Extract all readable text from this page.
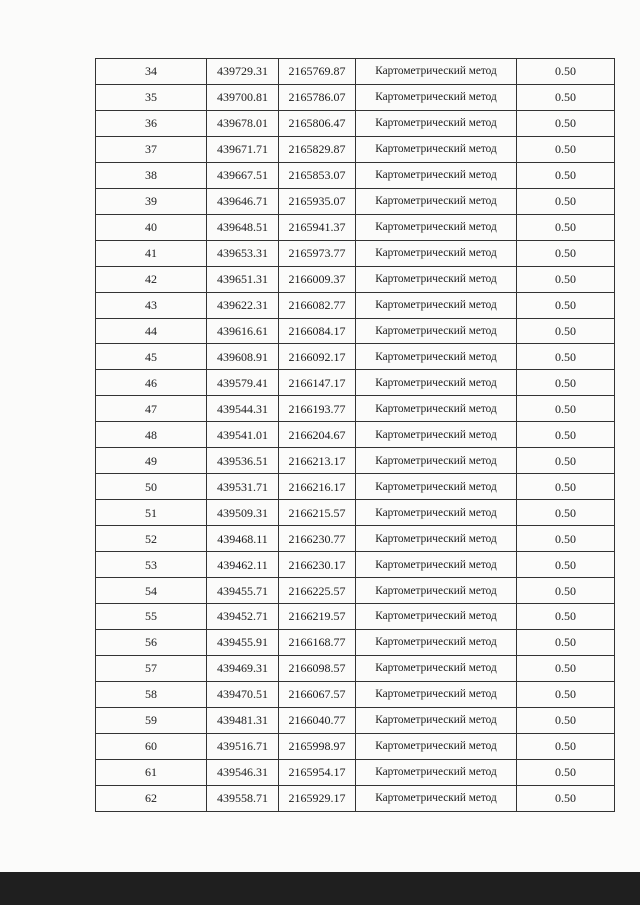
34	439729.31	2165769.87	Картометрический метод	0.50
35	439700.81	2165786.07	Картометрический метод	0.50
36	439678.01	2165806.47	Картометрический метод	0.50
37	439671.71	2165829.87	Картометрический метод	0.50
38	439667.51	2165853.07	Картометрический метод	0.50
39	439646.71	2165935.07	Картометрический метод	0.50
40	439648.51	2165941.37	Картометрический метод	0.50
41	439653.31	2165973.77	Картометрический метод	0.50
42	439651.31	2166009.37	Картометрический метод	0.50
43	439622.31	2166082.77	Картометрический метод	0.50
44	439616.61	2166084.17	Картометрический метод	0.50
45	439608.91	2166092.17	Картометрический метод	0.50
46	439579.41	2166147.17	Картометрический метод	0.50
47	439544.31	2166193.77	Картометрический метод	0.50
48	439541.01	2166204.67	Картометрический метод	0.50
49	439536.51	2166213.17	Картометрический метод	0.50
50	439531.71	2166216.17	Картометрический метод	0.50
51	439509.31	2166215.57	Картометрический метод	0.50
52	439468.11	2166230.77	Картометрический метод	0.50
53	439462.11	2166230.17	Картометрический метод	0.50
54	439455.71	2166225.57	Картометрический метод	0.50
55	439452.71	2166219.57	Картометрический метод	0.50
56	439455.91	2166168.77	Картометрический метод	0.50
57	439469.31	2166098.57	Картометрический метод	0.50
58	439470.51	2166067.57	Картометрический метод	0.50
59	439481.31	2166040.77	Картометрический метод	0.50
60	439516.71	2165998.97	Картометрический метод	0.50
61	439546.31	2165954.17	Картометрический метод	0.50
62	439558.71	2165929.17	Картометрический метод	0.50
